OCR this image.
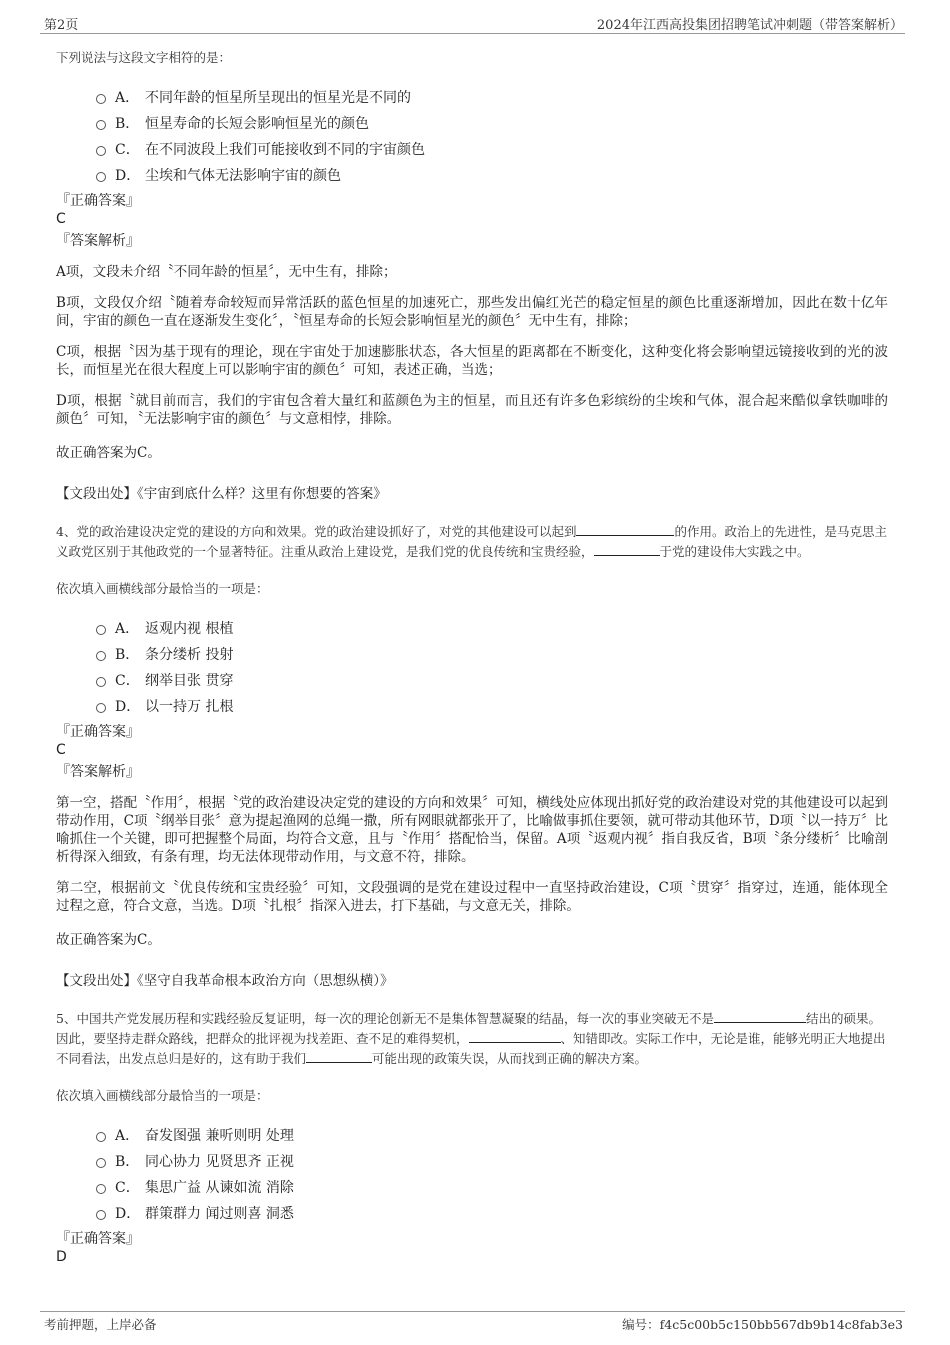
第2页	2024年江西高投集团招聘笔试冲刺题（带答案解析）
下列说法与这段文字相符的是：
A． 不同年龄的恒星所呈现出的恒星光是不同的
B． 恒星寿命的长短会影响恒星光的颜色
C． 在不同波段上我们可能接收到不同的宇宙颜色
D． 尘埃和气体无法影响宇宙的颜色
『正确答案』
C
『答案解析』

A项，文段未介绍〝不同年龄的恒星〞，无中生有，排除；

B项，文段仅介绍〝随着寿命较短而异常活跃的蓝色恒星的加速死亡，那些发出偏红光芒的稳定恒星的颜色比重逐渐增加，因此在数十亿年间，宇宙的颜色一直在逐渐发生变化〞，〝恒星寿命的长短会影响恒星光的颜色〞无中生有，排除；

C项，根据〝因为基于现有的理论，现在宇宙处于加速膨胀状态，各大恒星的距离都在不断变化，这种变化将会影响望远镜接收到的光的波长，而恒星光在很大程度上可以影响宇宙的颜色〞可知，表述正确，当选；

D项，根据〝就目前而言，我们的宇宙包含着大量红和蓝颜色为主的恒星，而且还有许多色彩缤纷的尘埃和气体，混合起来酷似拿铁咖啡的颜色〞可知，〝无法影响宇宙的颜色〞与文意相悖，排除。

故正确答案为C。
【文段出处】《宇宙到底什么样？这里有你想要的答案》
4、党的政治建设决定党的建设的方向和效果。党的政治建设抓好了，对党的其他建设可以起到	的作用。政治上的先进性，是马克思主义政党区别于其他政党的一个显著特征。注重从政治上建设党，是我们党的优良传统和宝贵经验，	于党的建设伟大实践之中。
依次填入画横线部分最恰当的一项是：
A． 返观内视 根植
B． 条分缕析 投射
C． 纲举目张 贯穿
D． 以一持万 扎根
『正确答案』
C
『答案解析』

第一空，搭配〝作用〞，根据〝党的政治建设决定党的建设的方向和效果〞可知，横线处应体现出抓好党的政治建设对党的其他建设可以起到带动作用，C项〝纲举目张〞意为提起渔网的总绳一撒，所有网眼就都张开了，比喻做事抓住要领，就可带动其他环节，D项〝以一持万〞比喻抓住一个关键，即可把握整个局面，均符合文意，且与〝作用〞搭配恰当，保留。A项〝返观内视〞指自我反省，B项〝条分缕析〞比喻剖析得深入细致，有条有理，均无法体现带动作用，与文意不符，排除。

第二空，根据前文〝优良传统和宝贵经验〞可知，文段强调的是党在建设过程中一直坚持政治建设，C项〝贯穿〞指穿过，连通，能体现全过程之意，符合文意，当选。D项〝扎根〞指深入进去，打下基础，与文意无关，排除。

故正确答案为C。
【文段出处】《坚守自我革命根本政治方向（思想纵横）》
5、中国共产党发展历程和实践经验反复证明，每一次的理论创新无不是集体智慧凝聚的结晶，每一次的事业突破无不是	结出的硕果。因此，要坚持走群众路线，把群众的批评视为找差距、查不足的难得契机，	、知错即改。实际工作中，无论是谁，能够光明正大地提出不同看法，出发点总归是好的，这有助于我们	可能出现的政策失误，从而找到正确的解决方案。
依次填入画横线部分最恰当的一项是：
A． 奋发图强 兼听则明 处理
B． 同心协力 见贤思齐 正视
C． 集思广益 从谏如流 消除
D． 群策群力 闻过则喜 洞悉
『正确答案』
D
考前押题，上岸必备	编号：f4c5c00b5c150bb567db9b14c8fab3e3
